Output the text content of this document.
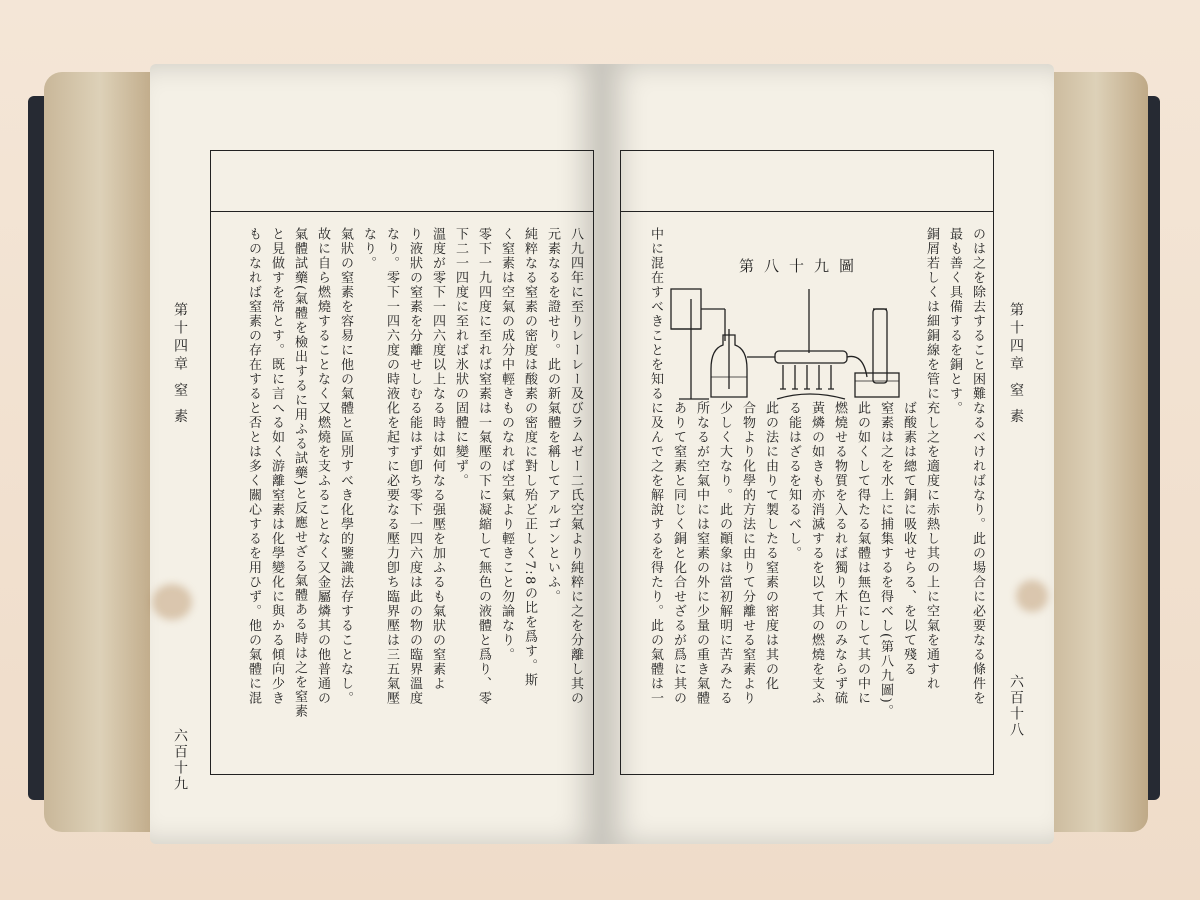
第十四章 窒 素
六百十九
八九四年に至りレーレー及びラムゼー二氏空氣より純粹に之を分離し其の
元素なるを證せり。此の新氣體を稱してアルゴンといふ。
純粹なる窒素の密度は酸素の密度に對し殆ど正しく7:8の比を爲す。斯
く窒素は空氣の成分中輕きものなれば空氣より輕きこと勿論なり。
零下一九四度に至れば窒素は一氣壓の下に凝縮して無色の液體と爲り、零
下二一四度に至れば氷狀の固體に變ず。
溫度が零下一四六度以上なる時は如何なる强壓を加ふるも氣狀の窒素よ
り液狀の窒素を分離せしむる能はず卽ち零下一四六度は此の物の臨界溫度
なり。零下一四六度の時液化を起すに必要なる壓力卽ち臨界壓は三五氣壓
なり。
氣狀の窒素を容易に他の氣體と區別すべき化學的鑒識法存することなし。
故に自ら燃燒することなく又燃燒を支ふることなく又金屬燐其の他普通の
氣體試藥(氣體を檢出するに用ふる試藥)と反應せざる氣體ある時は之を窒素
と見做すを常とす。既に言へる如く游離窒素は化學變化に與かる傾向少き
ものなれば窒素の存在すると否とは多く關心するを用ひず。他の氣體に混	第十四章 窒 素
六百十八
のは之を除去すること困難なるべければなり。此の場合に必要なる條件を
最も善く具備するを銅とす。
銅屑若しくは細銅線を管に充し之を適度に赤熱し其の上に空氣を通すれ
ば酸素は總て銅に吸收せらる、を以て殘る
窒素は之を水上に捕集するを得べし(第八九圖)。
此の如くして得たる氣體は無色にして其の中に
燃燒せる物質を入るれば獨り木片のみならず硫
黃燐の如きも亦消滅するを以て其の燃燒を支ふ
る能はざるを知るべし。
此の法に由りて製したる窒素の密度は其の化
合物より化學的方法に由りて分離せる窒素より
少しく大なり。此の顚象は當初解明に苦みたる
所なるが空氣中には窒素の外に少量の重き氣體
ありて窒素と同じく銅と化合せざるが爲に其の
中に混在すべきことを知るに及んで之を解說するを得たり。此の氣體は一	第八十九圖
